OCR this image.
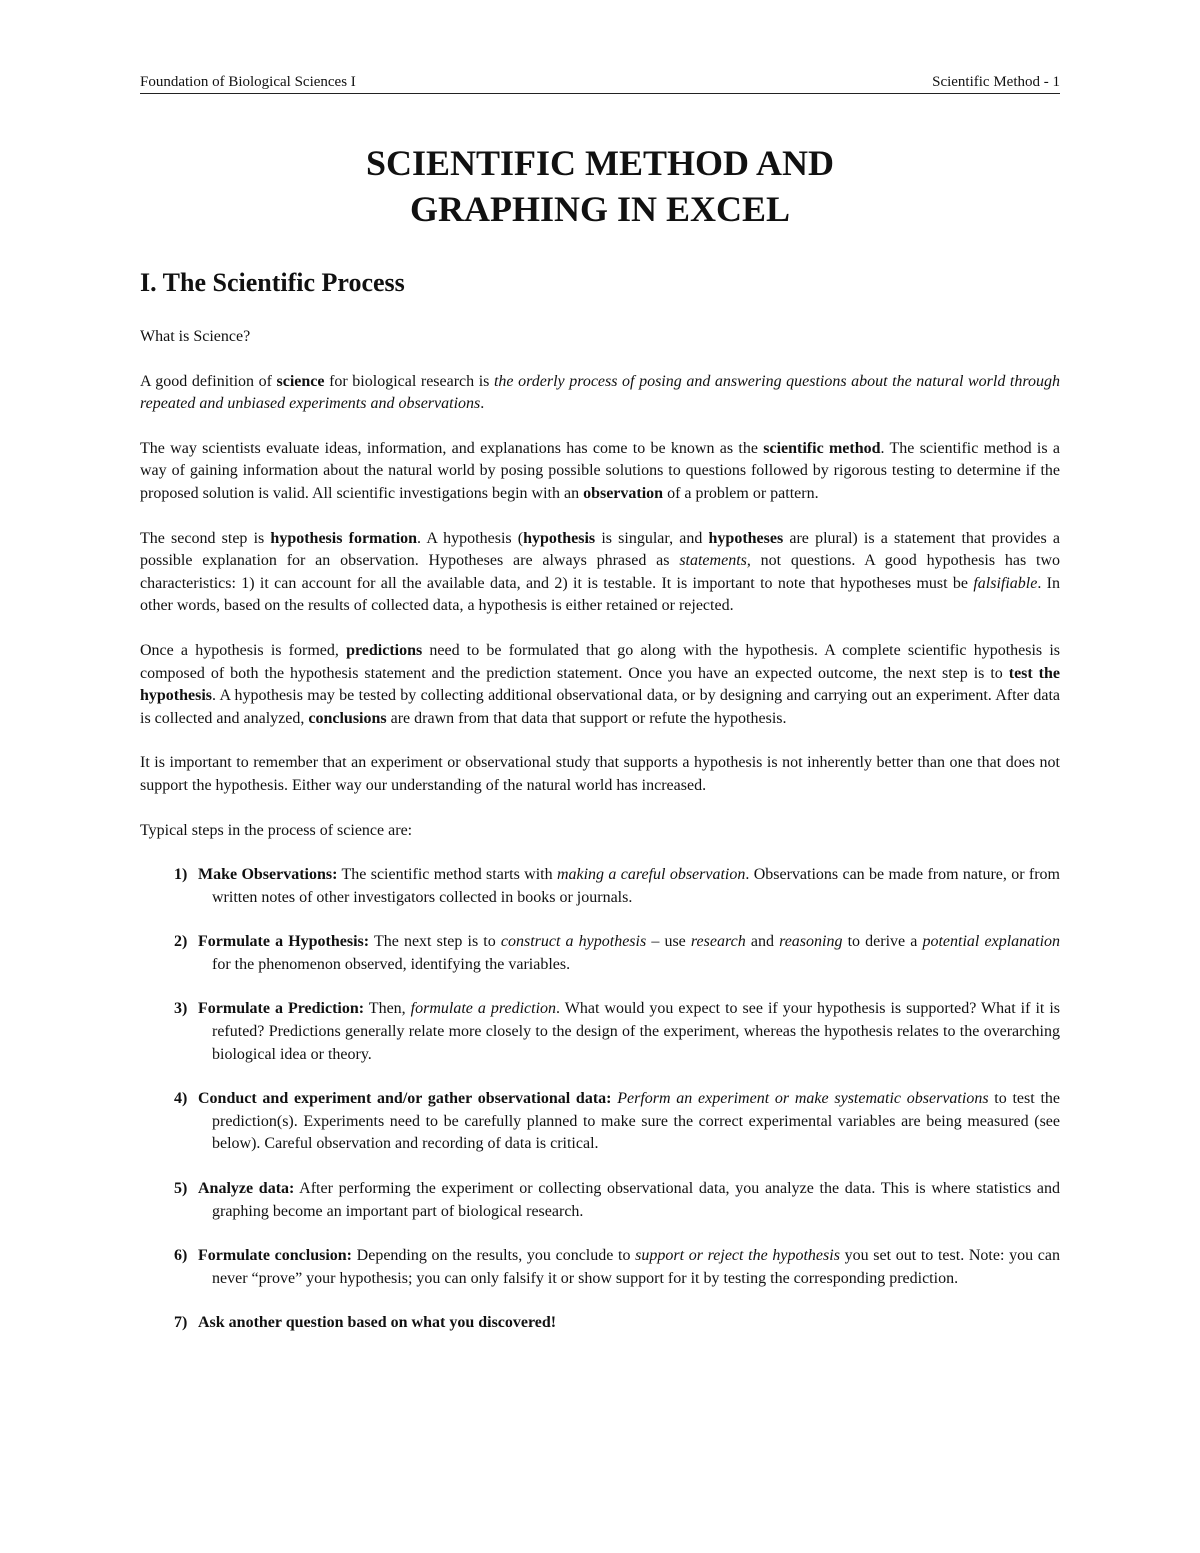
Foundation of Biological Sciences I	Scientific Method - 1
SCIENTIFIC METHOD AND
GRAPHING IN EXCEL
I. The Scientific Process

What is Science?

A good definition of science for biological research is the orderly process of posing and answering questions about the natural world through repeated and unbiased experiments and observations.

The way scientists evaluate ideas, information, and explanations has come to be known as the scientific method. The scientific method is a way of gaining information about the natural world by posing possible solutions to questions followed by rigorous testing to determine if the proposed solution is valid. All scientific investigations begin with an observation of a problem or pattern.

The second step is hypothesis formation. A hypothesis (hypothesis is singular, and hypotheses are plural) is a statement that provides a possible explanation for an observation. Hypotheses are always phrased as statements, not questions. A good hypothesis has two characteristics: 1) it can account for all the available data, and 2) it is testable. It is important to note that hypotheses must be falsifiable. In other words, based on the results of collected data, a hypothesis is either retained or rejected.

Once a hypothesis is formed, predictions need to be formulated that go along with the hypothesis. A complete scientific hypothesis is composed of both the hypothesis statement and the prediction statement. Once you have an expected outcome, the next step is to test the hypothesis. A hypothesis may be tested by collecting additional observational data, or by designing and carrying out an experiment. After data is collected and analyzed, conclusions are drawn from that data that support or refute the hypothesis.

It is important to remember that an experiment or observational study that supports a hypothesis is not inherently better than one that does not support the hypothesis. Either way our understanding of the natural world has increased.

Typical steps in the process of science are:

1) Make Observations: The scientific method starts with making a careful observation. Observations can be made from nature, or from written notes of other investigators collected in books or journals.
2) Formulate a Hypothesis: The next step is to construct a hypothesis – use research and reasoning to derive a potential explanation for the phenomenon observed, identifying the variables.
3) Formulate a Prediction: Then, formulate a prediction. What would you expect to see if your hypothesis is supported? What if it is refuted? Predictions generally relate more closely to the design of the experiment, whereas the hypothesis relates to the overarching biological idea or theory.
4) Conduct and experiment and/or gather observational data: Perform an experiment or make systematic observations to test the prediction(s). Experiments need to be carefully planned to make sure the correct experimental variables are being measured (see below). Careful observation and recording of data is critical.
5) Analyze data: After performing the experiment or collecting observational data, you analyze the data. This is where statistics and graphing become an important part of biological research.
6) Formulate conclusion: Depending on the results, you conclude to support or reject the hypothesis you set out to test. Note: you can never “prove” your hypothesis; you can only falsify it or show support for it by testing the corresponding prediction.
7) Ask another question based on what you discovered!
